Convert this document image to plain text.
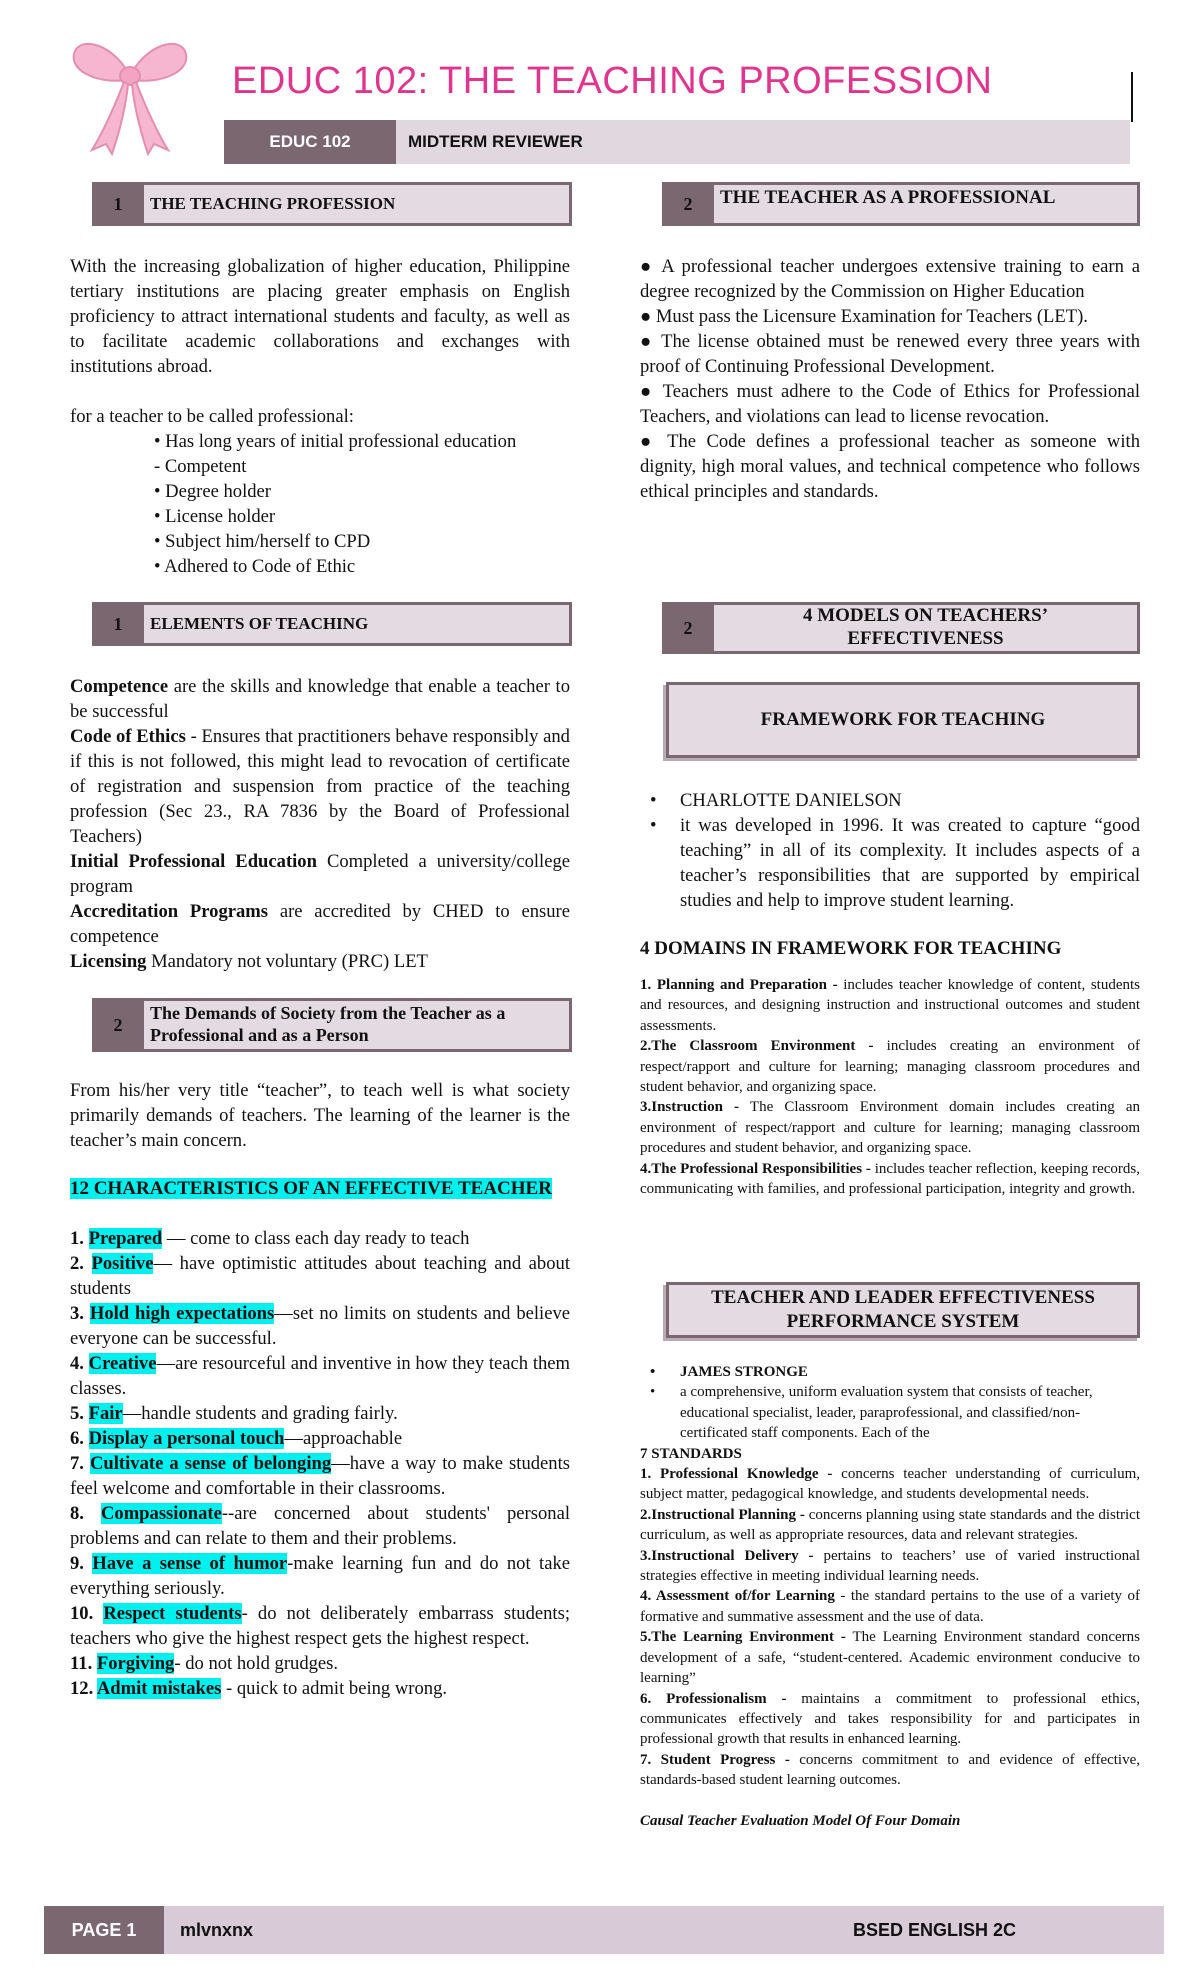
EDUC 102: THE TEACHING PROFESSION
EDUC 102	MIDTERM REVIEWER
1	THE TEACHING PROFESSION

With the increasing globalization of higher education, Philippine tertiary institutions are placing greater emphasis on English proficiency to attract international students and faculty, as well as to facilitate academic collaborations and exchanges with institutions abroad.

for a teacher to be called professional:

• Has long years of initial professional education
- Competent
• Degree holder
• License holder
• Subject him/herself to CPD
• Adhered to Code of Ethic
2	THE TEACHER AS A PROFESSIONAL

● A professional teacher undergoes extensive training to earn a degree recognized by the Commission on Higher Education

● Must pass the Licensure Examination for Teachers (LET).

● The license obtained must be renewed every three years with proof of Continuing Professional Development.

● Teachers must adhere to the Code of Ethics for Professional Teachers, and violations can lead to license revocation.

● The Code defines a professional teacher as someone with dignity, high moral values, and technical competence who follows ethical principles and standards.

1	ELEMENTS OF TEACHING

Competence are the skills and knowledge that enable a teacher to be successful

Code of Ethics - Ensures that practitioners behave responsibly and if this is not followed, this might lead to revocation of certificate of registration and suspension from practice of the teaching profession (Sec 23., RA 7836 by the Board of Professional Teachers)

Initial Professional Education Completed a university/college program

Accreditation Programs are accredited by CHED to ensure competence

Licensing Mandatory not voluntary (PRC) LET

2
4 MODELS ON TEACHERS’ EFFECTIVENESS
FRAMEWORK FOR TEACHING
• CHARLOTTE DANIELSON
• it was developed in 1996. It was created to capture “good teaching” in all of its complexity. It includes aspects of a teacher’s responsibilities that are supported by empirical studies and help to improve student learning.

4 DOMAINS IN FRAMEWORK FOR TEACHING

1. Planning and Preparation - includes teacher knowledge of content, students and resources, and designing instruction and instructional outcomes and student assessments.

2.The Classroom Environment - includes creating an environment of respect/rapport and culture for learning; managing classroom procedures and student behavior, and organizing space.

3.Instruction - The Classroom Environment domain includes creating an environment of respect/rapport and culture for learning; managing classroom procedures and student behavior, and organizing space.

4.The Professional Responsibilities - includes teacher reflection, keeping records, communicating with families, and professional participation, integrity and growth.

2
The Demands of Society from the Teacher as a Professional and as a Person

From his/her very title “teacher”, to teach well is what society primarily demands of teachers. The learning of the learner is the teacher’s main concern.

12 CHARACTERISTICS OF AN EFFECTIVE TEACHER

1. Prepared — come to class each day ready to teach

2. Positive— have optimistic attitudes about teaching and about students

3. Hold high expectations—set no limits on students and believe everyone can be successful.

4. Creative—are resourceful and inventive in how they teach them classes.

5. Fair—handle students and grading fairly.

6. Display a personal touch—approachable

7. Cultivate a sense of belonging—have a way to make students feel welcome and comfortable in their classrooms.

8. Compassionate--are concerned about students' personal problems and can relate to them and their problems.

9. Have a sense of humor-make learning fun and do not take everything seriously.

10. Respect students- do not deliberately embarrass students; teachers who give the highest respect gets the highest respect.

11. Forgiving- do not hold grudges.

12. Admit mistakes - quick to admit being wrong.

TEACHER AND LEADER EFFECTIVENESS PERFORMANCE SYSTEM
• JAMES STRONGE
• a comprehensive, uniform evaluation system that consists of teacher, educational specialist, leader, paraprofessional, and classified/non- certificated staff components. Each of the

7 STANDARDS

1. Professional Knowledge - concerns teacher understanding of curriculum, subject matter, pedagogical knowledge, and students developmental needs.

2.Instructional Planning - concerns planning using state standards and the district curriculum, as well as appropriate resources, data and relevant strategies.

3.Instructional Delivery - pertains to teachers’ use of varied instructional strategies effective in meeting individual learning needs.

4. Assessment of/for Learning - the standard pertains to the use of a variety of formative and summative assessment and the use of data.

5.The Learning Environment - The Learning Environment standard concerns development of a safe, “student-centered. Academic environment conducive to learning”

6. Professionalism - maintains a commitment to professional ethics, communicates effectively and takes responsibility for and participates in professional growth that results in enhanced learning.

7. Student Progress - concerns commitment to and evidence of effective, standards-based student learning outcomes.

Causal Teacher Evaluation Model Of Four Domain

PAGE 1	mlvnxnx	BSED ENGLISH 2C
